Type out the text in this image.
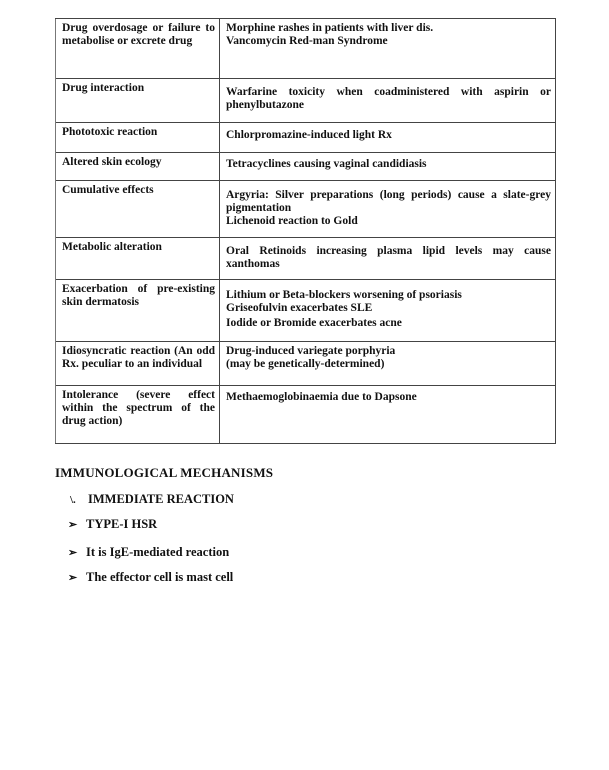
Drug overdosage or failure to metabolise or excrete drug	Morphine rashes in patients with liver dis.
Vancomycin Red-man Syndrome

Drug interaction	Warfarine toxicity when coadministered with aspirin or phenylbutazone

Phototoxic reaction	Chlorpromazine-induced light Rx

Altered skin ecology	Tetracyclines causing vaginal candidiasis

Cumulative effects	Argyria: Silver preparations (long periods) cause a slate-grey pigmentation
Lichenoid reaction to Gold

Metabolic alteration	Oral Retinoids increasing plasma lipid levels may cause xanthomas

Exacerbation of pre-existing skin dermatosis	Lithium or Beta-blockers worsening of psoriasis
Griseofulvin exacerbates SLE
Iodide or Bromide exacerbates acne

Idiosyncratic reaction (An odd Rx. peculiar to an individual	Drug-induced variegate porphyria
(may be genetically-determined)

Intolerance (severe effect within the spectrum of the drug action)	Methaemoglobinaemia due to Dapsone
IMMUNOLOGICAL MECHANISMS
\. IMMEDIATE REACTION
➢ TYPE-I HSR
➢ It is IgE-mediated reaction
➢ The effector cell is mast cell
